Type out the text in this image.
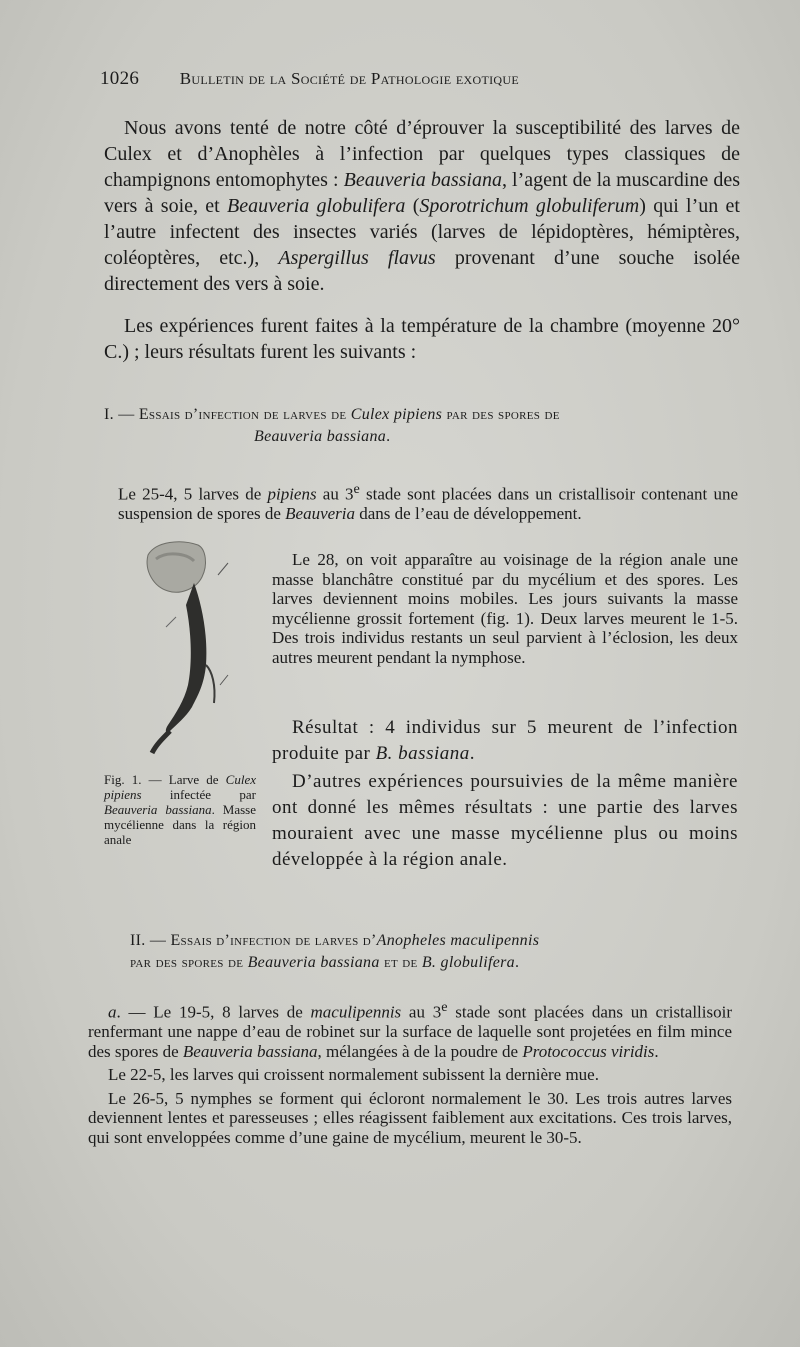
1026 Bulletin de la Société de Pathologie exotique

Nous avons tenté de notre côté d’éprouver la susceptibilité des larves de Culex et d’Anophèles à l’infection par quelques types classiques de champignons entomophytes : Beauveria bassiana, l’agent de la muscardine des vers à soie, et Beauveria globulifera (Sporotrichum globuliferum) qui l’un et l’autre infectent des insectes variés (larves de lépidoptères, hémiptères, coléoptères, etc.), Aspergillus flavus provenant d’une souche isolée directement des vers à soie.

Les expériences furent faites à la température de la chambre (moyenne 20° C.) ; leurs résultats furent les suivants :

I. — Essais d’infection de larves de Culex pipiens par des spores de
Beauveria bassiana.

Le 25-4, 5 larves de pipiens au 3e stade sont placées dans un cristallisoir contenant une suspension de spores de Beauveria dans de l’eau de développement.

Le 28, on voit apparaître au voisinage de la région anale une masse blanchâtre constitué par du mycélium et des spores. Les larves deviennent moins mobiles. Les jours suivants la masse mycélienne grossit fortement (fig. 1). Deux larves meurent le 1-5. Des trois individus restants un seul parvient à l’éclosion, les deux autres meurent pendant la nymphose.

Fig. 1. — Larve de Culex pipiens infectée par Beauveria bassiana. Masse mycélienne dans la région anale

Résultat : 4 individus sur 5 meurent de l’infection produite par B. bassiana.

D’autres expériences poursuivies de la même manière ont donné les mêmes résultats : une partie des larves mouraient avec une masse mycélienne plus ou moins développée à la région anale.

II. — Essais d’infection de larves d’Anopheles maculipennis
par des spores de Beauveria bassiana et de B. globulifera.

a. — Le 19-5, 8 larves de maculipennis au 3e stade sont placées dans un cristallisoir renfermant une nappe d’eau de robinet sur la surface de laquelle sont projetées en film mince des spores de Beauveria bassiana, mélangées à de la poudre de Protococcus viridis.

Le 22-5, les larves qui croissent normalement subissent la dernière mue.

Le 26-5, 5 nymphes se forment qui écloront normalement le 30. Les trois autres larves deviennent lentes et paresseuses ; elles réagissent faiblement aux excitations. Ces trois larves, qui sont enveloppées comme d’une gaine de mycélium, meurent le 30-5.
